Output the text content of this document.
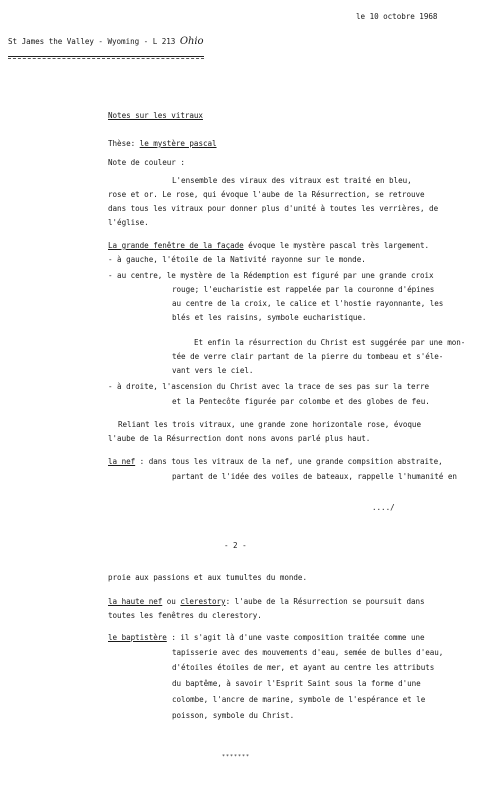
le 10 octobre 1968
St James the Valley - Wyoming - L 213 Ohio
Notes sur les vitraux
Thèse: le mystère pascal
Note de couleur :
L'ensemble des viraux des vitraux est traité en bleu,
rose et or. Le rose, qui évoque l'aube de la Résurrection, se retrouve
dans tous les vitraux pour donner plus d'unité à toutes les verrières, de
l'église.
La grande fenêtre de la façade évoque le mystère pascal très largement.
- à gauche, l'étoile de la Nativité rayonne sur le monde.
- au centre, le mystère de la Rédemption est figuré par une grande croix
rouge; l'eucharistie est rappelée par la couronne d'épines
au centre de la croix, le calice et l'hostie rayonnante, les
blés et les raisins, symbole eucharistique.
Et enfin la résurrection du Christ est suggérée par une mon-
tée de verre clair partant de la pierre du tombeau et s'éle-
vant vers le ciel.
- à droite, l'ascension du Christ avec la trace de ses pas sur la terre
et la Pentecôte figurée par colombe et des globes de feu.
Reliant les trois vitraux, une grande zone horizontale rose, évoque
l'aube de la Résurrection dont nons avons parlé plus haut.
la nef : dans tous les vitraux de la nef, une grande compsition abstraite,
partant de l'idée des voiles de bateaux, rappelle l'humanité en
..../
- 2 -
proie aux passions et aux tumultes du monde.
la haute nef ou clerestory: l'aube de la Résurrection se poursuit dans
toutes les fenêtres du clerestory.
le baptistère : il s'agit là d'une vaste composition traitée comme une
tapisserie avec des mouvements d'eau, semée de bulles d'eau,
d'étoiles étoiles de mer, et ayant au centre les attributs
du baptême, à savoir l'Esprit Saint sous la forme d'une
colombe, l'ancre de marine, symbole de l'espérance et le
poisson, symbole du Christ.
*******
